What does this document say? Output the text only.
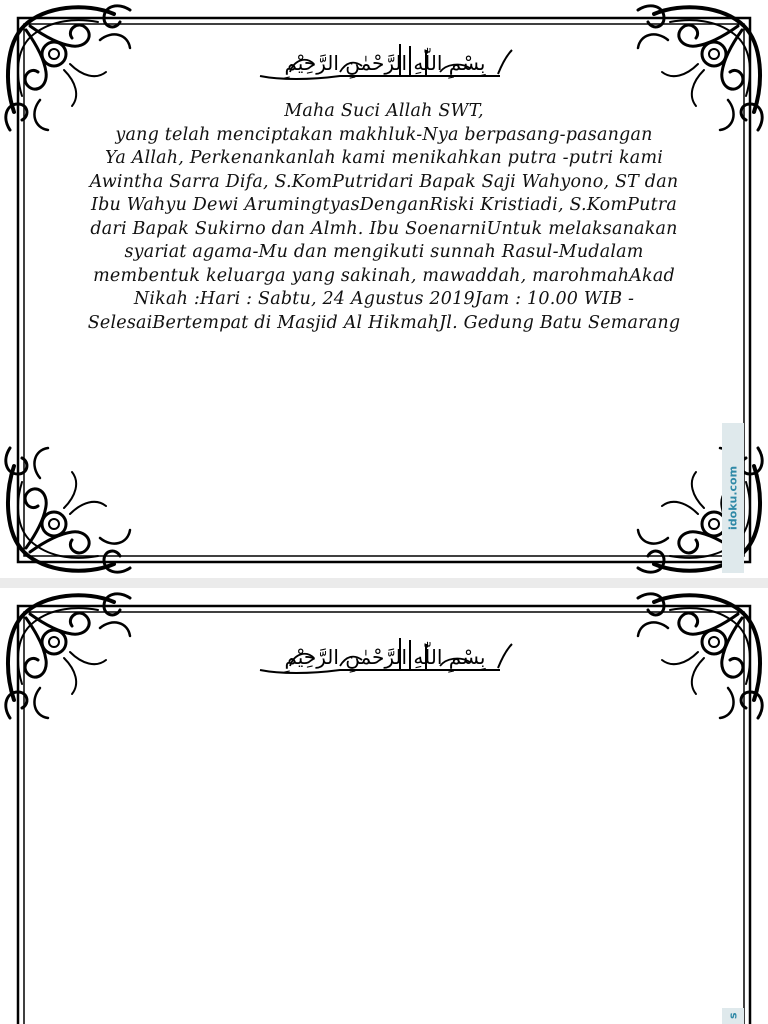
بِسْمِ اللّٰهِ الرَّحْمٰنِ الرَّحِيْمِ
Maha Suci Allah SWT,
yang telah menciptakan makhluk-Nya berpasang-pasangan
Ya Allah, Perkenankanlah kami menikahkan putra -putri kami
Awintha Sarra Difa, S.KomPutridari Bapak Saji Wahyono, ST dan
Ibu Wahyu Dewi ArumingtyasDenganRiski Kristiadi, S.KomPutra
dari Bapak Sukirno dan Almh. Ibu SoenarniUntuk melaksanakan
syariat agama-Mu dan mengikuti sunnah Rasul-Mudalam
membentuk keluarga yang sakinah, mawaddah, marohmahAkad
Nikah :Hari : Sabtu, 24 Agustus 2019Jam : 10.00 WIB -
SelesaiBertempat di Masjid Al HikmahJl. Gedung Batu Semarang
idoku.com
بِسْمِ اللّٰهِ الرَّحْمٰنِ الرَّحِيْمِ
s
